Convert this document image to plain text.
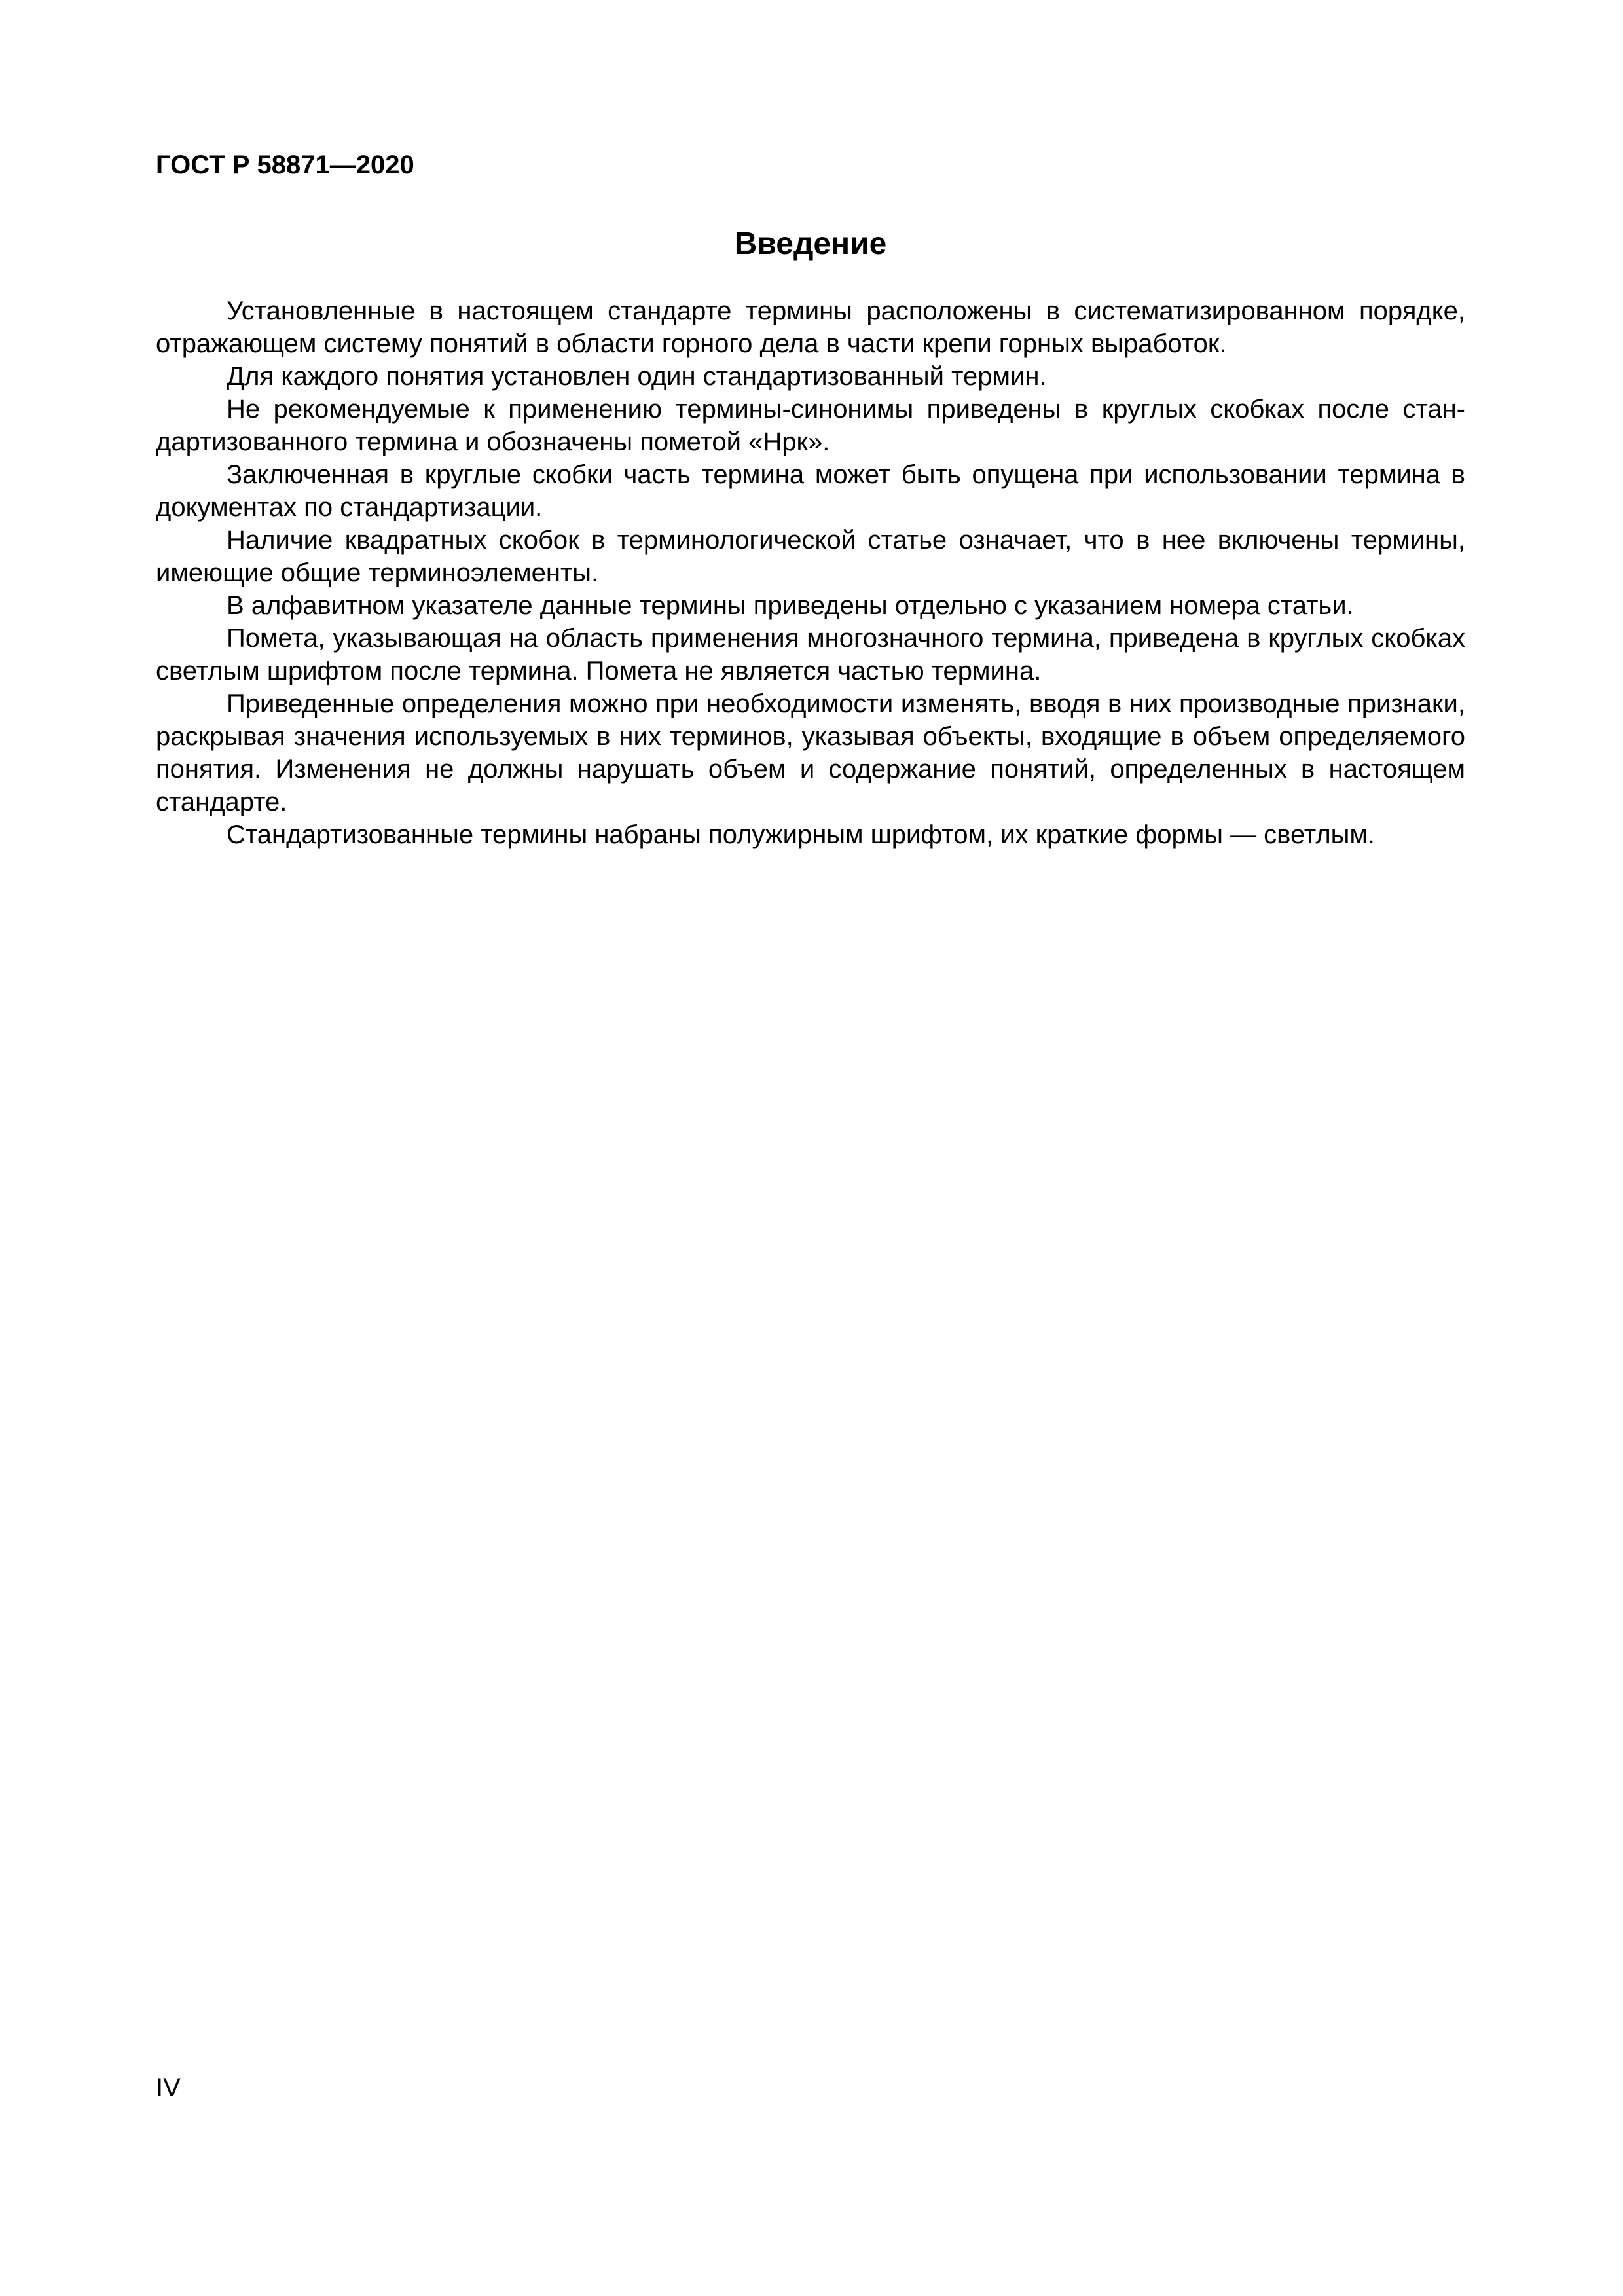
ГОСТ Р 58871—2020
Введение

Установленные в настоящем стандарте термины расположены в систематизированном порядке, отражающем систему понятий в области горного дела в части крепи горных выработок.

Для каждого понятия установлен один стандартизованный термин.

Не рекомендуемые к применению термины-синонимы приведены в круглых скобках после стандартизованного термина и обозначены пометой «Нрк».

Заключенная в круглые скобки часть термина может быть опущена при использовании термина в документах по стандартизации.

Наличие квадратных скобок в терминологической статье означает, что в нее включены термины, имеющие общие терминоэлементы.

В алфавитном указателе данные термины приведены отдельно с указанием номера статьи.

Помета, указывающая на область применения многозначного термина, приведена в круглых скобках светлым шрифтом после термина. Помета не является частью термина.

Приведенные определения можно при необходимости изменять, вводя в них производные признаки, раскрывая значения используемых в них терминов, указывая объекты, входящие в объем определяемого понятия. Изменения не должны нарушать объем и содержание понятий, определенных в настоящем стандарте.

Стандартизованные термины набраны полужирным шрифтом, их краткие формы — светлым.

IV
